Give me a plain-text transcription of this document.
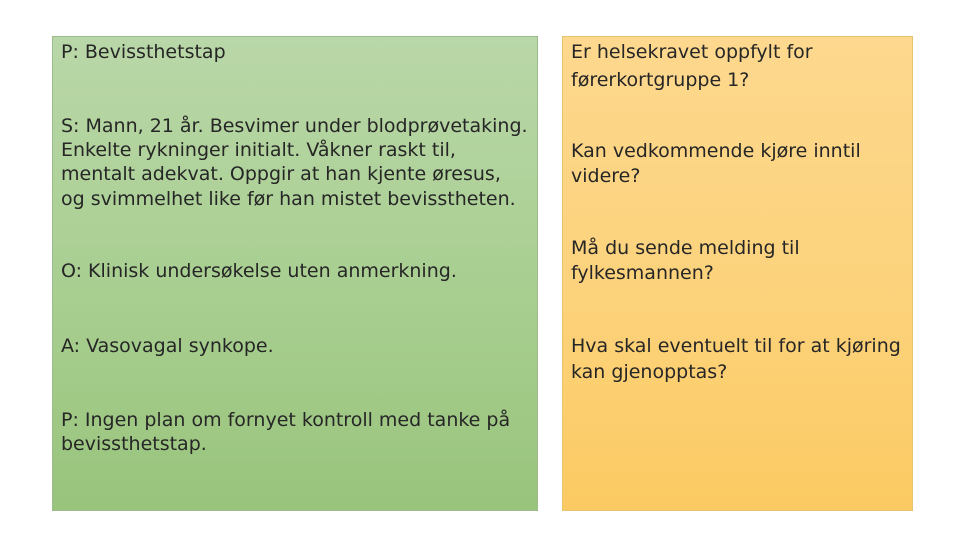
P: Bevissthetstap
S: Mann, 21 år. Besvimer under blodprøvetaking.
Enkelte rykninger initialt. Våkner raskt til,
mentalt adekvat. Oppgir at han kjente øresus,
og svimmelhet like før han mistet bevisstheten.
O: Klinisk undersøkelse uten anmerkning.
A: Vasovagal synkope.
P: Ingen plan om fornyet kontroll med tanke på
bevissthetstap.
Er helsekravet oppfylt for
førerkortgruppe 1?
Kan vedkommende kjøre inntil
videre?
Må du sende melding til
fylkesmannen?
Hva skal eventuelt til for at kjøring
kan gjenopptas?
